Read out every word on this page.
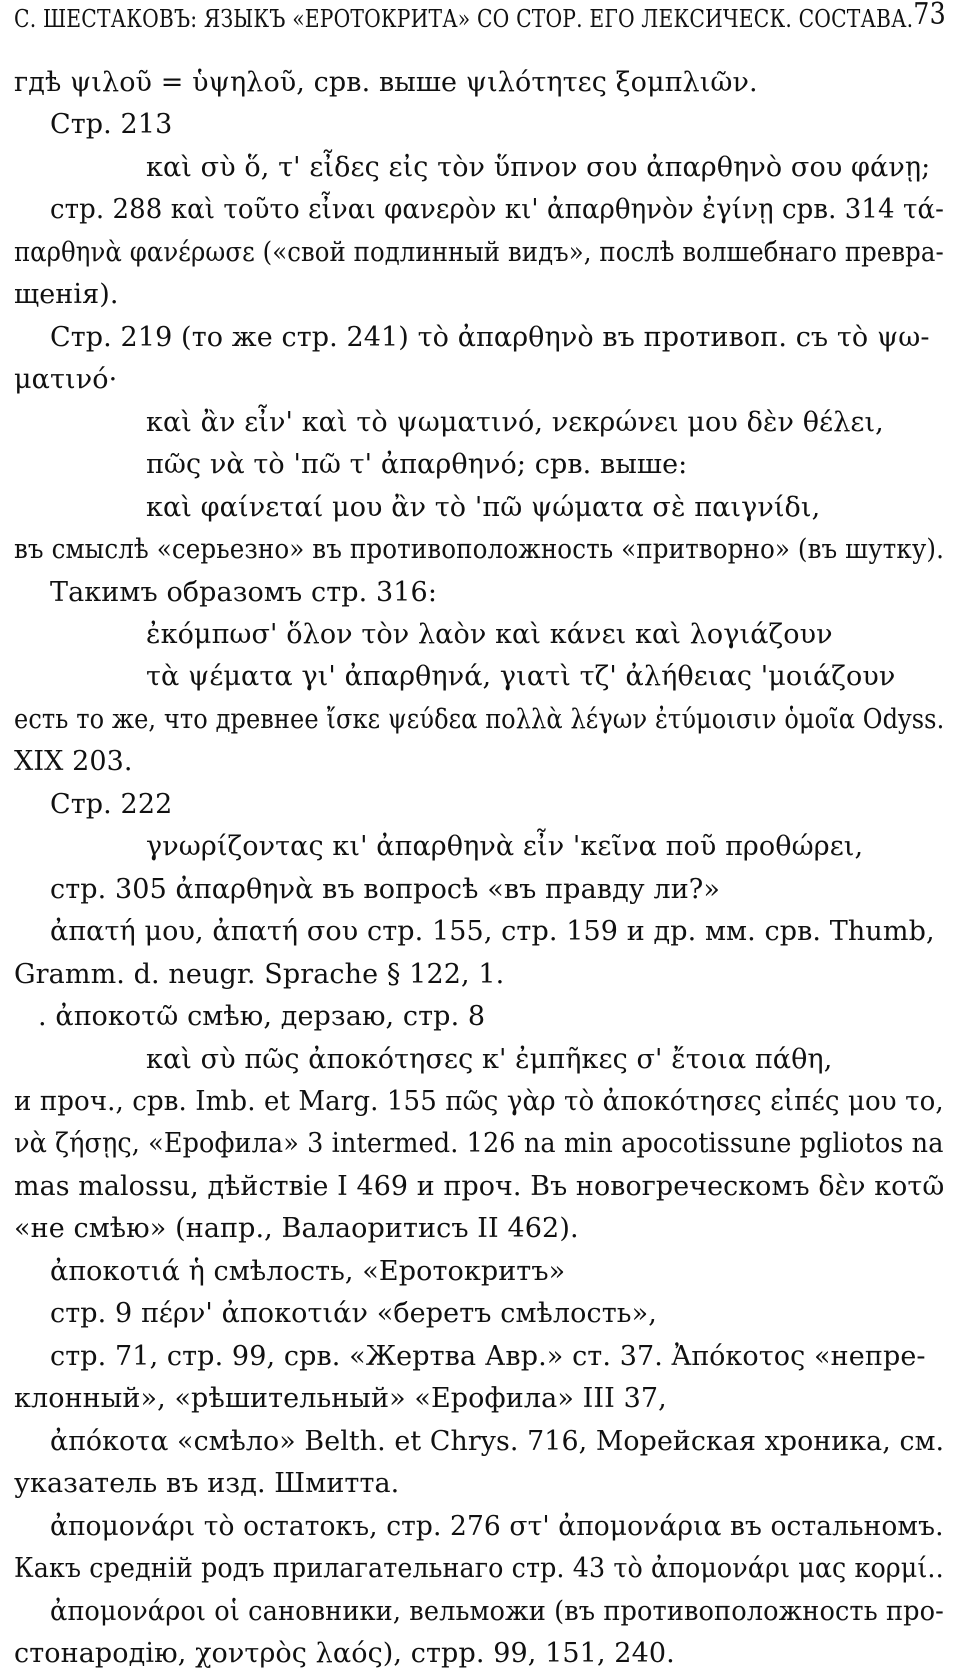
С. ШЕСТАКОВЪ: ЯЗЫКЪ «ЕРОТОКРИТА» СО СТОР. ЕГО ЛЕКСИЧЕСК. СОСТАВА. 73
гдѣ ψιλοῦ = ὑψηλοῦ, срв. выше ψιλότητες ξομπλιῶν.
Стр. 213
καὶ σὺ ὅ, τ' εἶδες εἰς τὸν ὕπνον σου ἀπαρθηνὸ σου φάνῃ;
стр. 288 καὶ τοῦτο εἶναι φανερὸν κι' ἀπαρθηνὸν ἐγίνῃ срв. 314 τά-
παρθηνὰ φανέρωσε («свой подлинный видъ», послѣ волшебнаго превра-
щенія).
Стр. 219 (то же стр. 241) τὸ ἀπαρθηνὸ въ противоп. съ τὸ ψω-
ματινό·
καὶ ἂν εἶν' καὶ τὸ ψωματινό, νεκρώνει μου δὲν θέλει,
πῶς νὰ τὸ 'πῶ τ' ἀπαρθηνό; срв. выше:
καὶ φαίνεταί μου ἂν τὸ 'πῶ ψώματα σὲ παιγνίδι,
въ смыслѣ «серьезно» въ противоположность «притворно» (въ шутку).
Такимъ образомъ стр. 316:
ἐκόμπωσ' ὅλον τὸν λαὸν καὶ κάνει καὶ λογιάζουν
τὰ ψέματα γι' ἀπαρθηνά, γιατὶ τζ' ἀλήθειας 'μοιάζουν
есть то же, что древнее ἴσκε ψεύδεα πολλὰ λέγων ἐτύμοισιν ὁμοῖα Odyss.
XIX 203.
Стр. 222
γνωρίζοντας κι' ἀπαρθηνὰ εἶν 'κεῖνα ποῦ προθώρει,
стр. 305 ἀπαρθηνὰ въ вопросѣ «въ правду ли?»
ἀπατή μου, ἀπατή σου стр. 155, стр. 159 и др. мм. срв. Thumb,
Gramm. d. neugr. Sprache § 122, 1.
. ἀποκοτῶ смѣю, дерзаю, стр. 8
καὶ σὺ πῶς ἀποκότησες κ' ἐμπῆκες σ' ἔτοια πάθη,
и проч., срв. Imb. et Marg. 155 πῶς γὰρ τὸ ἀποκότησες εἰπές μου το,
νὰ ζήσῃς, «Ерофила» 3 intermed. 126 na min apocotissune pgliotos na
mas malossu, дѣйствіе I 469 и проч. Въ новогреческомъ δὲν κοτῶ
«не смѣю» (напр., Валаоритисъ II 462).
ἀποκοτιά ἡ смѣлость, «Еротокритъ»
стр. 9 πέρν' ἀποκοτιάν «беретъ смѣлость»,
стр. 71, стр. 99, срв. «Жертва Авр.» ст. 37. Ἀπόκοτος «непре-
клонный», «рѣшительный» «Ерофила» III 37,
ἀπόκοτα «смѣло» Belth. et Chrys. 716, Морейская хроника, см.
указатель въ изд. Шмитта.
ἀπομονάρι τὸ остатокъ, стр. 276 στ' ἀπομονάρια въ остальномъ.
Какъ средній родъ прилагательнаго стр. 43 τὸ ἀπομονάρι μας κορμί..
ἀπομονάροι οἱ сановники, вельможи (въ противоположность про-
стонародію, χοντρὸς λαός), стрр. 99, 151, 240.
